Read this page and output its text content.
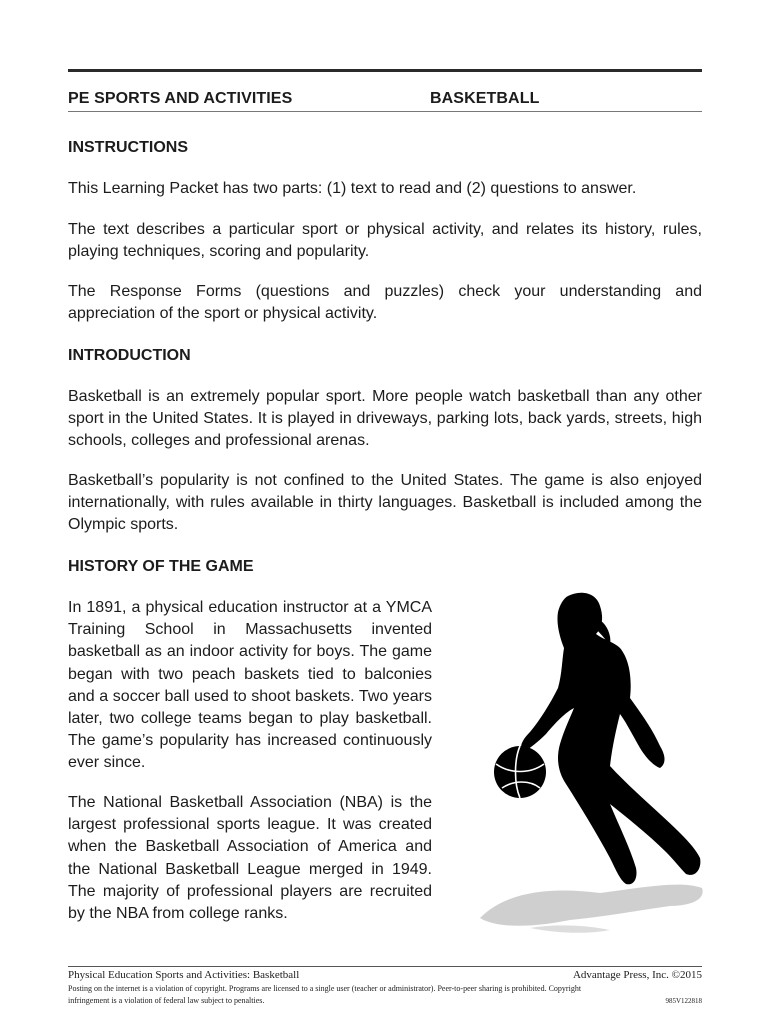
PE SPORTS AND ACTIVITIES	BASKETBALL
INSTRUCTIONS

This Learning Packet has two parts: (1) text to read and (2) questions to answer.

The text describes a particular sport or physical activity, and relates its history, rules, playing techniques, scoring and popularity.

The Response Forms (questions and puzzles) check your understanding and appreciation of the sport or physical activity.

INTRODUCTION

Basketball is an extremely popular sport. More people watch basketball than any other sport in the United States. It is played in driveways, parking lots, back yards, streets, high schools, colleges and professional arenas.

Basketball’s popularity is not confined to the United States. The game is also enjoyed internationally, with rules available in thirty languages. Basketball is included among the Olympic sports.

HISTORY OF THE GAME

In 1891, a physical education instructor at a YMCA Training School in Massachusetts invented basketball as an indoor activity for boys. The game began with two peach baskets tied to balconies and a soccer ball used to shoot baskets. Two years later, two college teams began to play basketball. The game’s popularity has increased continuously ever since.

The National Basketball Association (NBA) is the largest professional sports league. It was created when the Basketball Association of America and the National Basketball League merged in 1949. The majority of professional players are recruited by the NBA from college ranks.

Physical Education Sports and Activities: Basketball	Advantage Press, Inc. ©2015
Posting on the internet is a violation of copyright. Programs are licensed to a single user (teacher or administrator). Peer-to-peer sharing is prohibited. Copyright
infringement is a violation of federal law subject to penalties.	985V122818
